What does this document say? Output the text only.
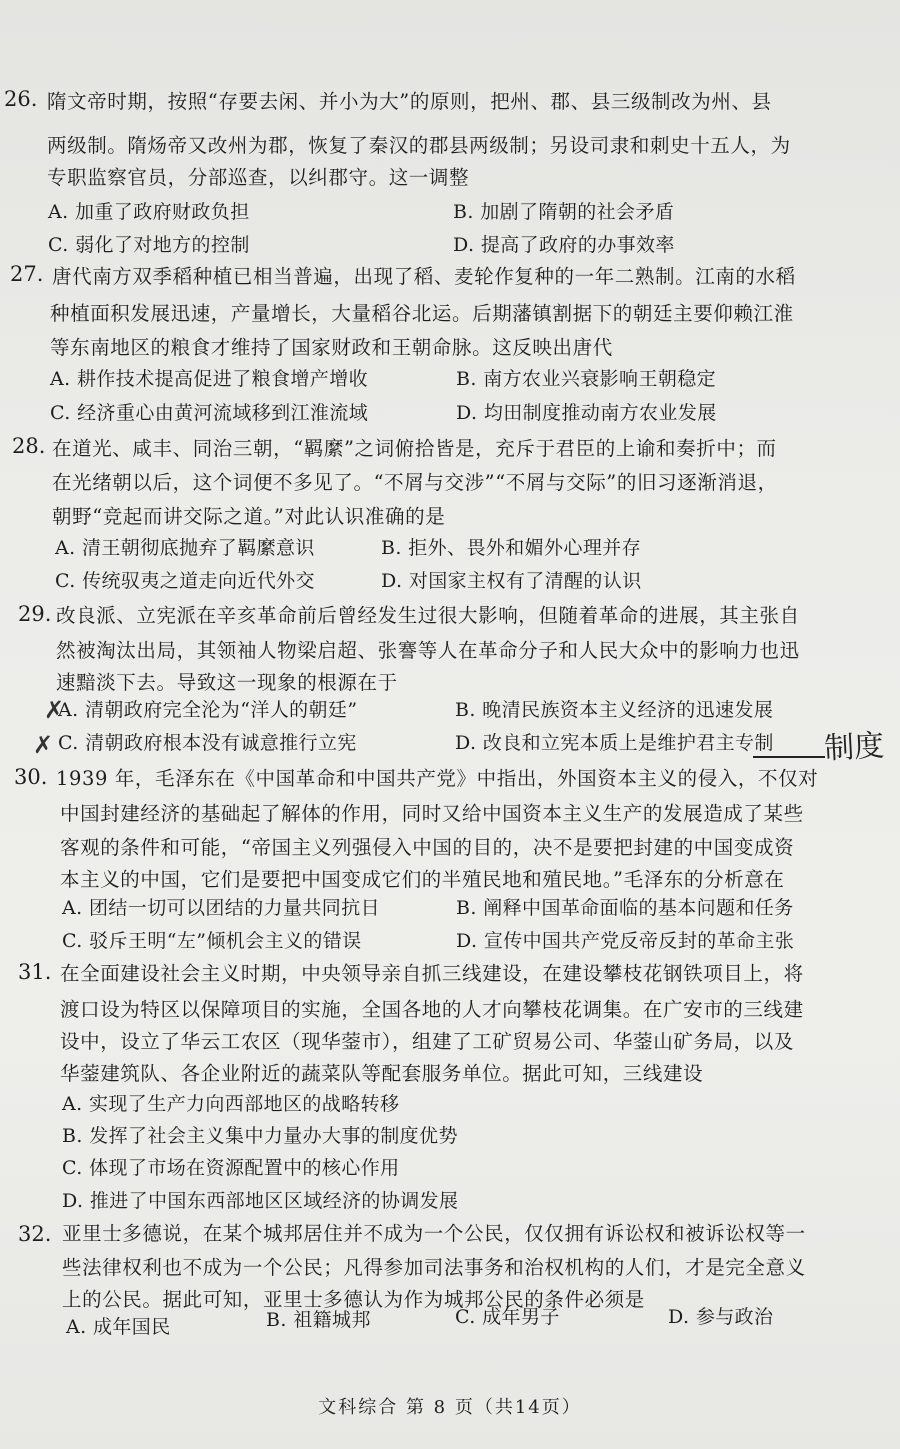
26. 隋文帝时期，按照“存要去闲、并小为大”的原则，把州、郡、县三级制改为州、县
两级制。隋炀帝又改州为郡，恢复了秦汉的郡县两级制；另设司隶和刺史十五人，为
专职监察官员，分部巡查，以纠郡守。这一调整
A. 加重了政府财政负担	B. 加剧了隋朝的社会矛盾
C. 弱化了对地方的控制	D. 提高了政府的办事效率
27. 唐代南方双季稻种植已相当普遍，出现了稻、麦轮作复种的一年二熟制。江南的水稻
种植面积发展迅速，产量增长，大量稻谷北运。后期藩镇割据下的朝廷主要仰赖江淮
等东南地区的粮食才维持了国家财政和王朝命脉。这反映出唐代
A. 耕作技术提高促进了粮食增产增收	B. 南方农业兴衰影响王朝稳定
C. 经济重心由黄河流域移到江淮流域	D. 均田制度推动南方农业发展
28. 在道光、咸丰、同治三朝，“羁縻”之词俯拾皆是，充斥于君臣的上谕和奏折中；而
在光绪朝以后，这个词便不多见了。“不屑与交涉”“不屑与交际”的旧习逐渐消退，
朝野“竞起而讲交际之道。”对此认识准确的是
A. 清王朝彻底抛弃了羁縻意识	B. 拒外、畏外和媚外心理并存
C. 传统驭夷之道走向近代外交	D. 对国家主权有了清醒的认识
29. 改良派、立宪派在辛亥革命前后曾经发生过很大影响，但随着革命的进展，其主张自
然被淘汰出局，其领袖人物梁启超、张謇等人在革命分子和人民大众中的影响力也迅
速黯淡下去。导致这一现象的根源在于
A. 清朝政府完全沦为“洋人的朝廷”	B. 晚清民族资本主义经济的迅速发展
C. 清朝政府根本没有诚意推行立宪	D. 改良和立宪本质上是维护君主专制
✗
✗	制度
30. 1939 年，毛泽东在《中国革命和中国共产党》中指出，外国资本主义的侵入，不仅对
中国封建经济的基础起了解体的作用，同时又给中国资本主义生产的发展造成了某些
客观的条件和可能，“帝国主义列强侵入中国的目的，决不是要把封建的中国变成资
本主义的中国，它们是要把中国变成它们的半殖民地和殖民地。”毛泽东的分析意在
A. 团结一切可以团结的力量共同抗日	B. 阐释中国革命面临的基本问题和任务
C. 驳斥王明“左”倾机会主义的错误	D. 宣传中国共产党反帝反封的革命主张
31. 在全面建设社会主义时期，中央领导亲自抓三线建设，在建设攀枝花钢铁项目上，将
渡口设为特区以保障项目的实施，全国各地的人才向攀枝花调集。在广安市的三线建
设中，设立了华云工农区（现华蓥市），组建了工矿贸易公司、华蓥山矿务局，以及
华蓥建筑队、各企业附近的蔬菜队等配套服务单位。据此可知，三线建设
A. 实现了生产力向西部地区的战略转移
B. 发挥了社会主义集中力量办大事的制度优势
C. 体现了市场在资源配置中的核心作用
D. 推进了中国东西部地区区域经济的协调发展
32. 亚里士多德说，在某个城邦居住并不成为一个公民，仅仅拥有诉讼权和被诉讼权等一
些法律权利也不成为一个公民；凡得参加司法事务和治权机构的人们，才是完全意义
上的公民。据此可知，亚里士多德认为作为城邦公民的条件必须是
A. 成年国民	B. 祖籍城邦	C. 成年男子	D. 参与政治
文科综合 第 8 页（共14页）
